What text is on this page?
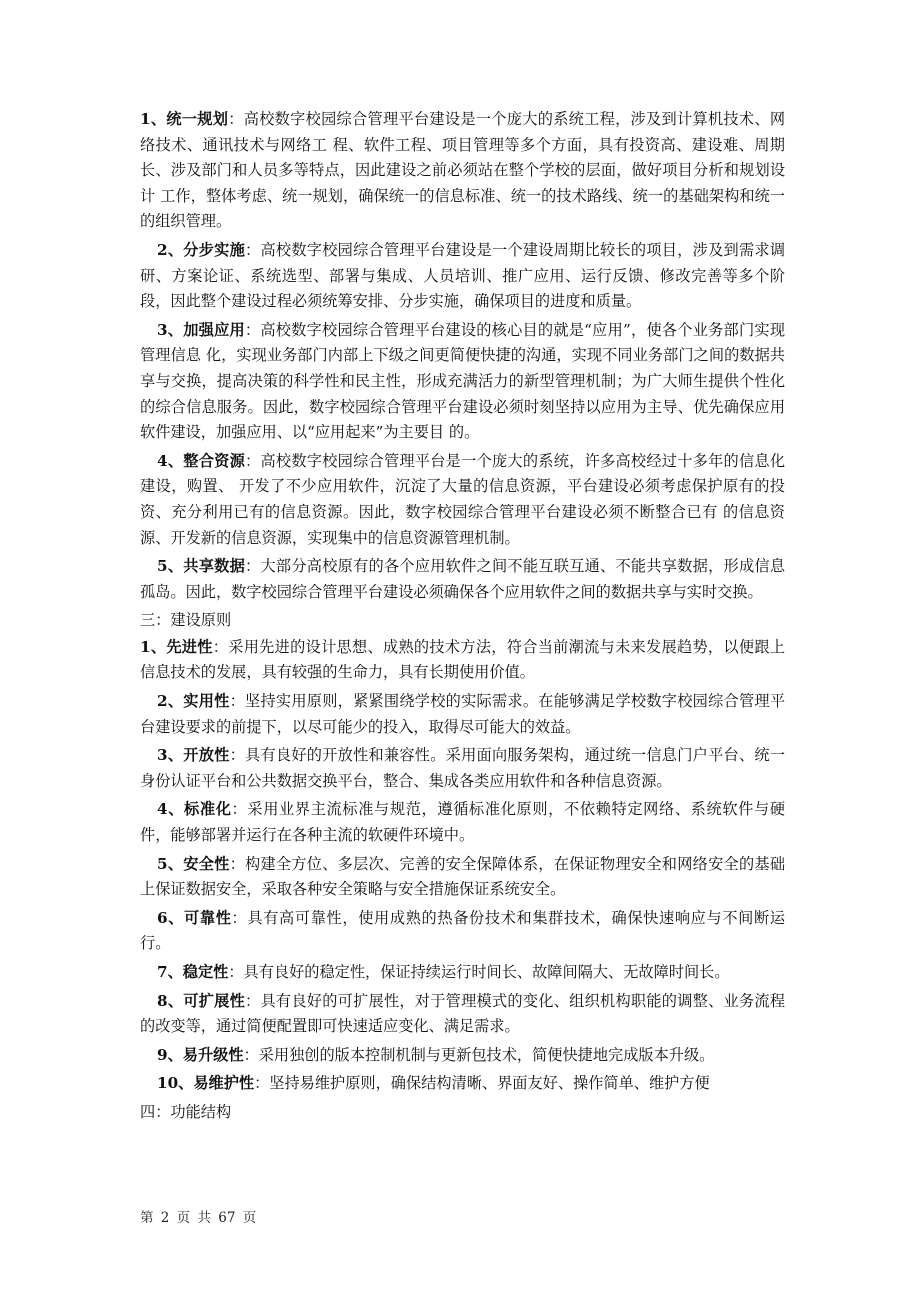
1、统一规划：高校数字校园综合管理平台建设是一个庞大的系统工程，涉及到计算机技术、网络技术、通讯技术与网络工 程、软件工程、项目管理等多个方面，具有投资高、建设难、周期长、涉及部门和人员多等特点，因此建设之前必须站在整个学校的层面，做好项目分析和规划设计 工作，整体考虑、统一规划，确保统一的信息标准、统一的技术路线、统一的基础架构和统一的组织管理。

2、分步实施：高校数字校园综合管理平台建设是一个建设周期比较长的项目，涉及到需求调研、方案论证、系统选型、部署与集成、人员培训、推广应用、运行反馈、修改完善等多个阶段，因此整个建设过程必须统筹安排、分步实施，确保项目的进度和质量。

3、加强应用：高校数字校园综合管理平台建设的核心目的就是“应用”，使各个业务部门实现管理信息 化，实现业务部门内部上下级之间更简便快捷的沟通，实现不同业务部门之间的数据共享与交换，提高决策的科学性和民主性，形成充满活力的新型管理机制；为广大师生提供个性化的综合信息服务。因此，数字校园综合管理平台建设必须时刻坚持以应用为主导、优先确保应用软件建设，加强应用、以“应用起来”为主要目 的。

4、整合资源：高校数字校园综合管理平台是一个庞大的系统，许多高校经过十多年的信息化建设，购置、 开发了不少应用软件，沉淀了大量的信息资源，平台建设必须考虑保护原有的投资、充分利用已有的信息资源。因此，数字校园综合管理平台建设必须不断整合已有 的信息资源、开发新的信息资源，实现集中的信息资源管理机制。

5、共享数据：大部分高校原有的各个应用软件之间不能互联互通、不能共享数据，形成信息孤岛。因此，数字校园综合管理平台建设必须确保各个应用软件之间的数据共享与实时交换。

三：建设原则

1、先进性：采用先进的设计思想、成熟的技术方法，符合当前潮流与未来发展趋势，以便跟上信息技术的发展，具有较强的生命力，具有长期使用价值。

2、实用性：坚持实用原则，紧紧围绕学校的实际需求。在能够满足学校数字校园综合管理平台建设要求的前提下，以尽可能少的投入，取得尽可能大的效益。

3、开放性：具有良好的开放性和兼容性。采用面向服务架构，通过统一信息门户平台、统一身份认证平台和公共数据交换平台，整合、集成各类应用软件和各种信息资源。

4、标准化：采用业界主流标准与规范，遵循标准化原则，不依赖特定网络、系统软件与硬件，能够部署并运行在各种主流的软硬件环境中。

5、安全性：构建全方位、多层次、完善的安全保障体系，在保证物理安全和网络安全的基础上保证数据安全，采取各种安全策略与安全措施保证系统安全。

6、可靠性：具有高可靠性，使用成熟的热备份技术和集群技术，确保快速响应与不间断运行。

7、稳定性：具有良好的稳定性，保证持续运行时间长、故障间隔大、无故障时间长。

8、可扩展性：具有良好的可扩展性，对于管理模式的变化、组织机构职能的调整、业务流程的改变等，通过简便配置即可快速适应变化、满足需求。

9、易升级性：采用独创的版本控制机制与更新包技术，简便快捷地完成版本升级。

10、易维护性：坚持易维护原则，确保结构清晰、界面友好、操作简单、维护方便

四：功能结构

第 2 页 共 67 页
